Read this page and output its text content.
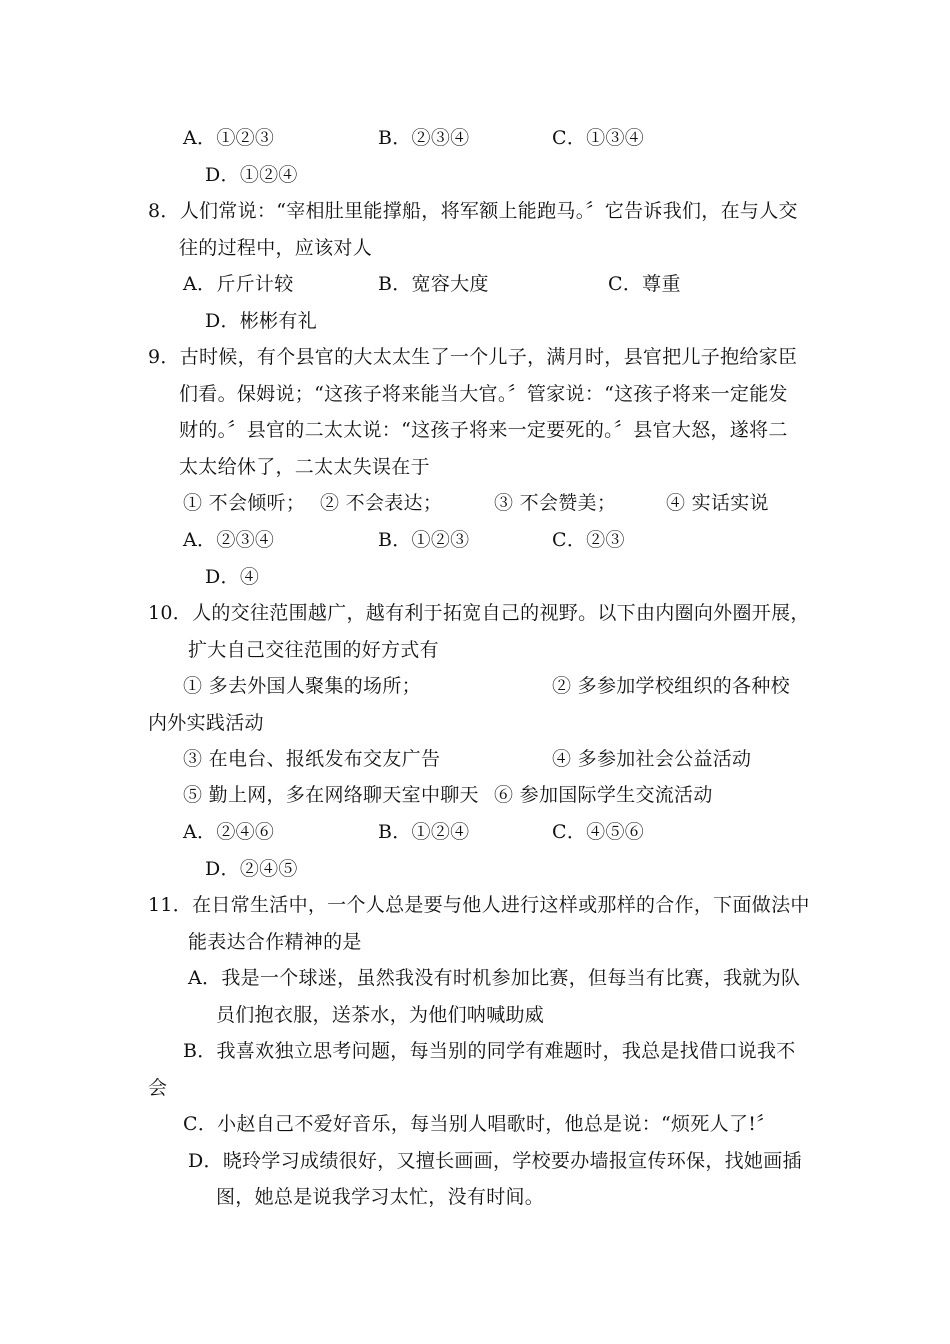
A．①②③	B．②③④	C．①③④
D．①②④
8．人们常说：“宰相肚里能撑船，将军额上能跑马。〞它告诉我们，在与人交
往的过程中，应该对人
A．斤斤计较	B．宽容大度	C．尊重
D．彬彬有礼
9．古时候，有个县官的大太太生了一个儿子，满月时，县官把儿子抱给家臣
们看。保姆说；“这孩子将来能当大官。〞管家说：“这孩子将来一定能发
财的。〞县官的二太太说：“这孩子将来一定要死的。〞县官大怒，遂将二
太太给休了，二太太失误在于
① 不会倾听； ② 不会表达；	③ 不会赞美；	④ 实话实说
A．②③④	B．①②③	C．②③
D．④
10．人的交往范围越广，越有利于拓宽自己的视野。以下由内圈向外圈开展，
扩大自己交往范围的好方式有
① 多去外国人聚集的场所；	② 多参加学校组织的各种校
内外实践活动
③ 在电台、报纸发布交友广告	④ 多参加社会公益活动
⑤ 勤上网，多在网络聊天室中聊天 ⑥ 参加国际学生交流活动
A．②④⑥	B．①②④	C．④⑤⑥
D．②④⑤
11．在日常生活中，一个人总是要与他人进行这样或那样的合作，下面做法中
能表达合作精神的是
A．我是一个球迷，虽然我没有时机参加比赛，但每当有比赛，我就为队
员们抱衣服，送茶水，为他们呐喊助威
B．我喜欢独立思考问题，每当别的同学有难题时，我总是找借口说我不
会
C．小赵自己不爱好音乐，每当别人唱歌时，他总是说：“烦死人了!〞
D．晓玲学习成绩很好，又擅长画画，学校要办墙报宣传环保，找她画插
图，她总是说我学习太忙，没有时间。
